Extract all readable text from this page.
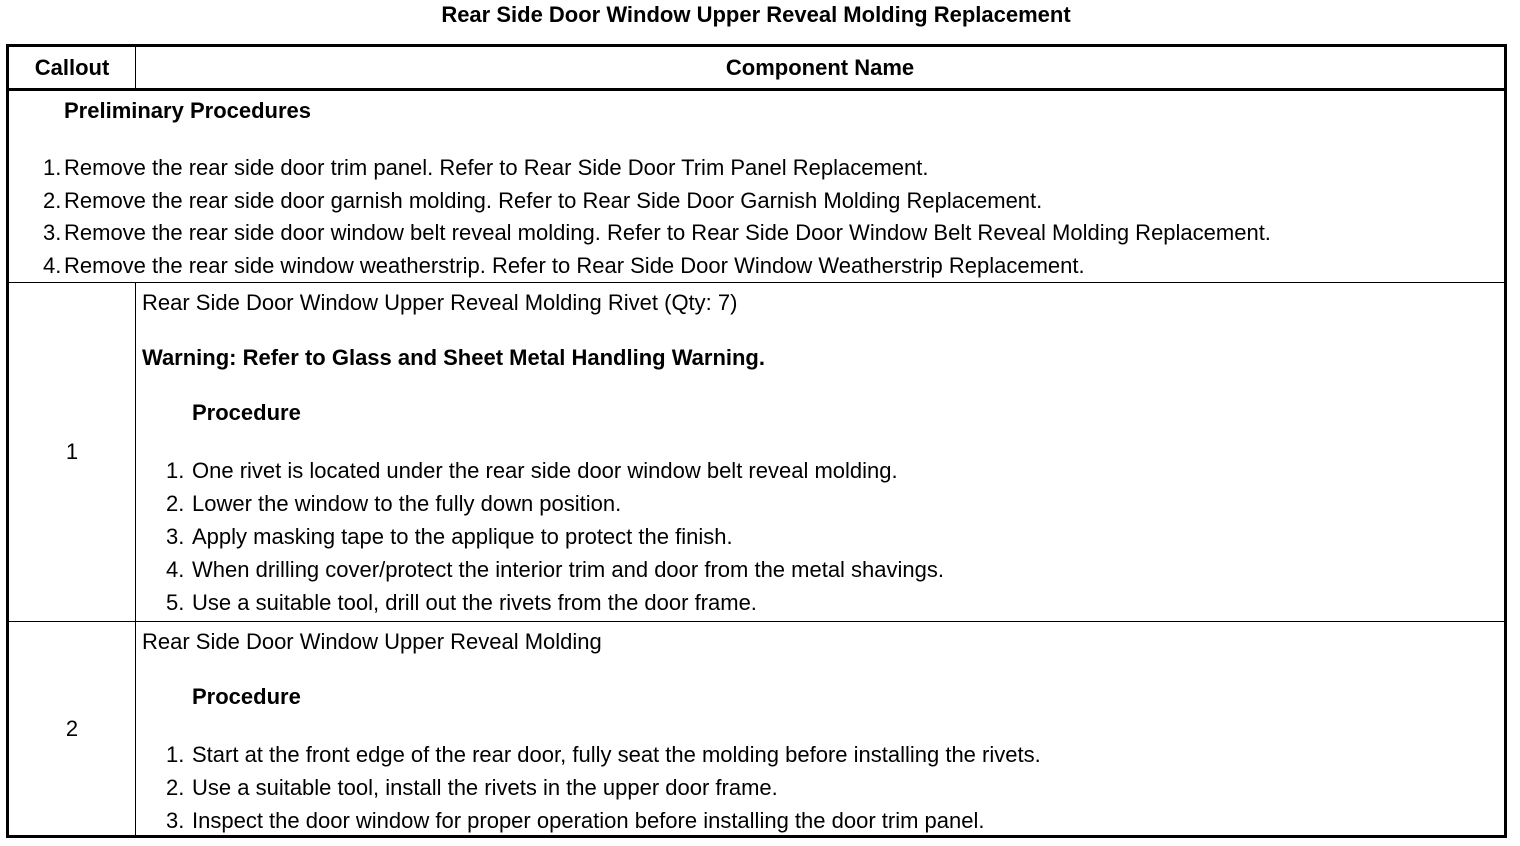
Rear Side Door Window Upper Reveal Molding Replacement
Callout	Component Name
Preliminary Procedures
1. Remove the rear side door trim panel. Refer to Rear Side Door Trim Panel Replacement.
2. Remove the rear side door garnish molding. Refer to Rear Side Door Garnish Molding Replacement.
3. Remove the rear side door window belt reveal molding. Refer to Rear Side Door Window Belt Reveal Molding Replacement.
4. Remove the rear side window weatherstrip. Refer to Rear Side Door Window Weatherstrip Replacement.
1
Rear Side Door Window Upper Reveal Molding Rivet (Qty: 7)
Warning: Refer to Glass and Sheet Metal Handling Warning.
Procedure
1. One rivet is located under the rear side door window belt reveal molding.
2. Lower the window to the fully down position.
3. Apply masking tape to the applique to protect the finish.
4. When drilling cover/protect the interior trim and door from the metal shavings.
5. Use a suitable tool, drill out the rivets from the door frame.
2
Rear Side Door Window Upper Reveal Molding
Procedure
1. Start at the front edge of the rear door, fully seat the molding before installing the rivets.
2. Use a suitable tool, install the rivets in the upper door frame.
3. Inspect the door window for proper operation before installing the door trim panel.
